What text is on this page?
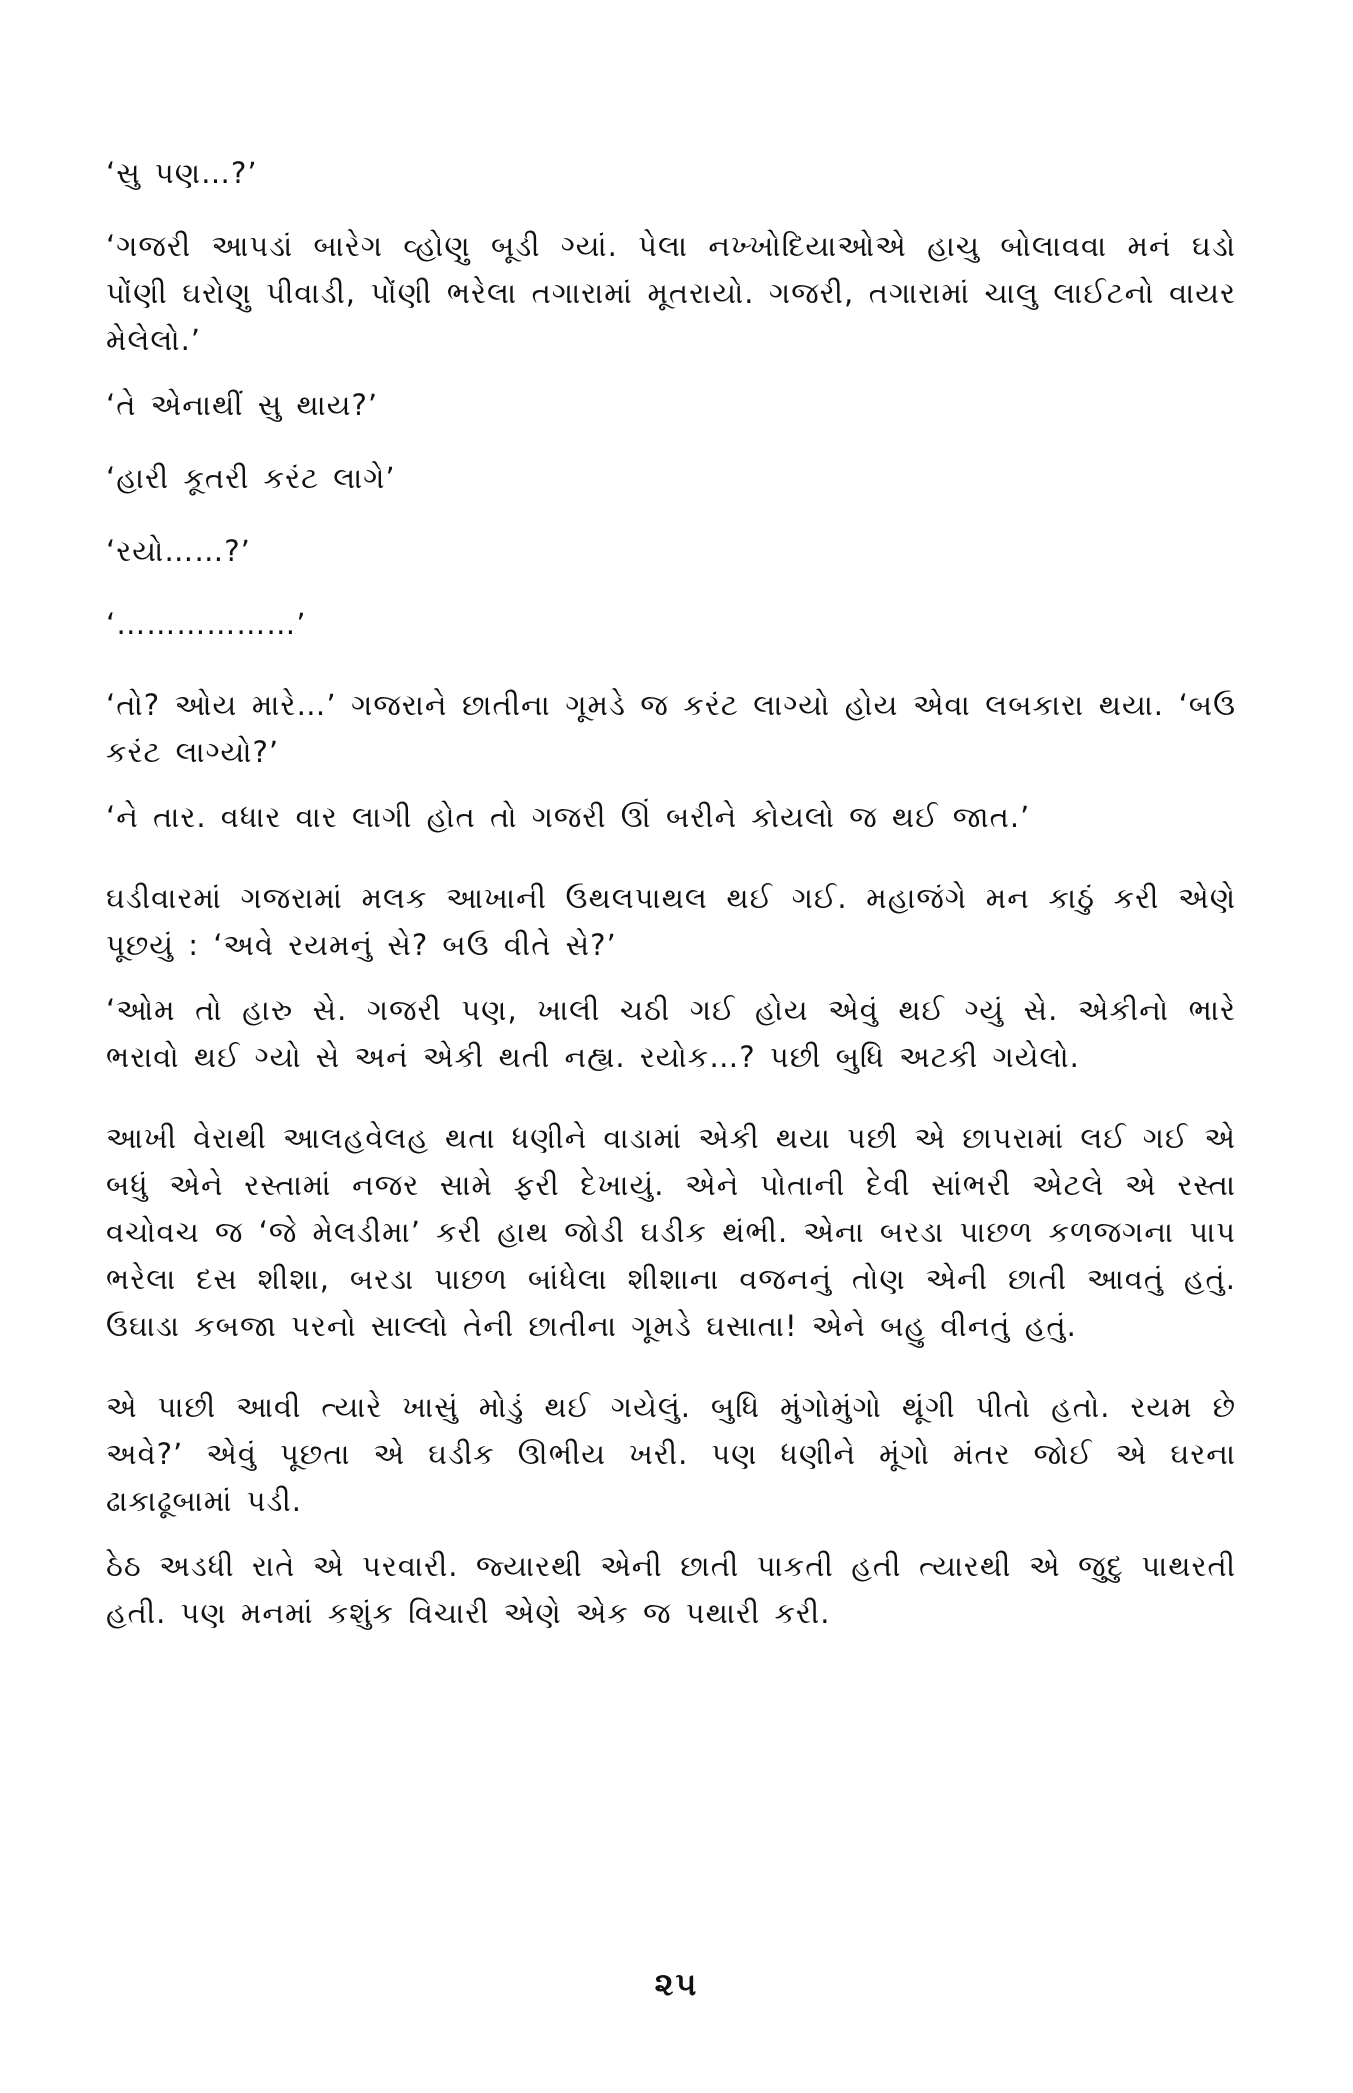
‘સુ પણ…?’

‘ગજરી આપડાં બારેગ વ્હોણુ બૂડી ગ્યાં. પેલા નખ્ખોદિયાઓએ હાચુ બોલાવવા મનં ઘડો પોંણી ઘરોણુ પીવાડી, પોંણી ભરેલા તગારામાં મૂતરાયો. ગજરી, તગારામાં ચાલુ લાઈટનો વાયર મેલેલો.’

‘તે એનાથીં સુ થાય?’

‘હારી કૂતરી કરંટ લાગે’

‘રયો……?’

‘………………’

‘તો? ઓય મારે…’ ગજરાને છાતીના ગૂમડે જ કરંટ લાગ્યો હોય એવા લબકારા થયા. ‘બઉ કરંટ લાગ્યો?’

‘ને તાર. વધાર વાર લાગી હોત તો ગજરી ઊં બરીને કોયલો જ થઈ જાત.’

ઘડીવારમાં ગજરામાં મલક આખાની ઉથલપાથલ થઈ ગઈ. મહાજંગે મન કાઠું કરી એણે પૂછયું : ‘અવે રયમનું સે? બઉ વીતે સે?’

‘ઓમ તો હારુ સે. ગજરી પણ, ખાલી ચઠી ગઈ હોય એવું થઈ ગ્યું સે. એકીનો ભારે ભરાવો થઈ ગ્યો સે અનં એકી થતી નહ્ય. રયોક…? પછી બુધિ અટકી ગયેલો.

આખી વેરાથી આલહવેલહ થતા ધણીને વાડામાં એકી થયા પછી એ છાપરામાં લઈ ગઈ એ બધું એને રસ્તામાં નજર સામે ફરી દેખાયું. એને પોતાની દેવી સાંભરી એટલે એ રસ્તા વચોવચ જ ‘જે મેલડીમા’ કરી હાથ જોડી ઘડીક થંભી. એના બરડા પાછળ કળજગના પાપ ભરેલા દસ શીશા, બરડા પાછળ બાંધેલા શીશાના વજનનું તોણ એની છાતી આવતું હતું. ઉઘાડા કબજા પરનો સાલ્લો તેની છાતીના ગૂમડે ઘસાતા! એને બહુ વીનતું હતું.

એ પાછી આવી ત્યારે ખાસું મોડું થઈ ગયેલું. બુધિ મુંગોમુંગો થૂંગી પીતો હતો. રયમ છે અવે?’ એવું પૂછતા એ ઘડીક ઊભીય ખરી. પણ ધણીને મૂંગો મંતર જોઈ એ ઘરના ઢાકાઢૂબામાં પડી.

ઠેઠ અડધી રાતે એ પરવારી. જ્યારથી એની છાતી પાકતી હતી ત્યારથી એ જુદુ પાથરતી હતી. પણ મનમાં કશુંક વિચારી એણે એક જ પથારી કરી.

૨૫
